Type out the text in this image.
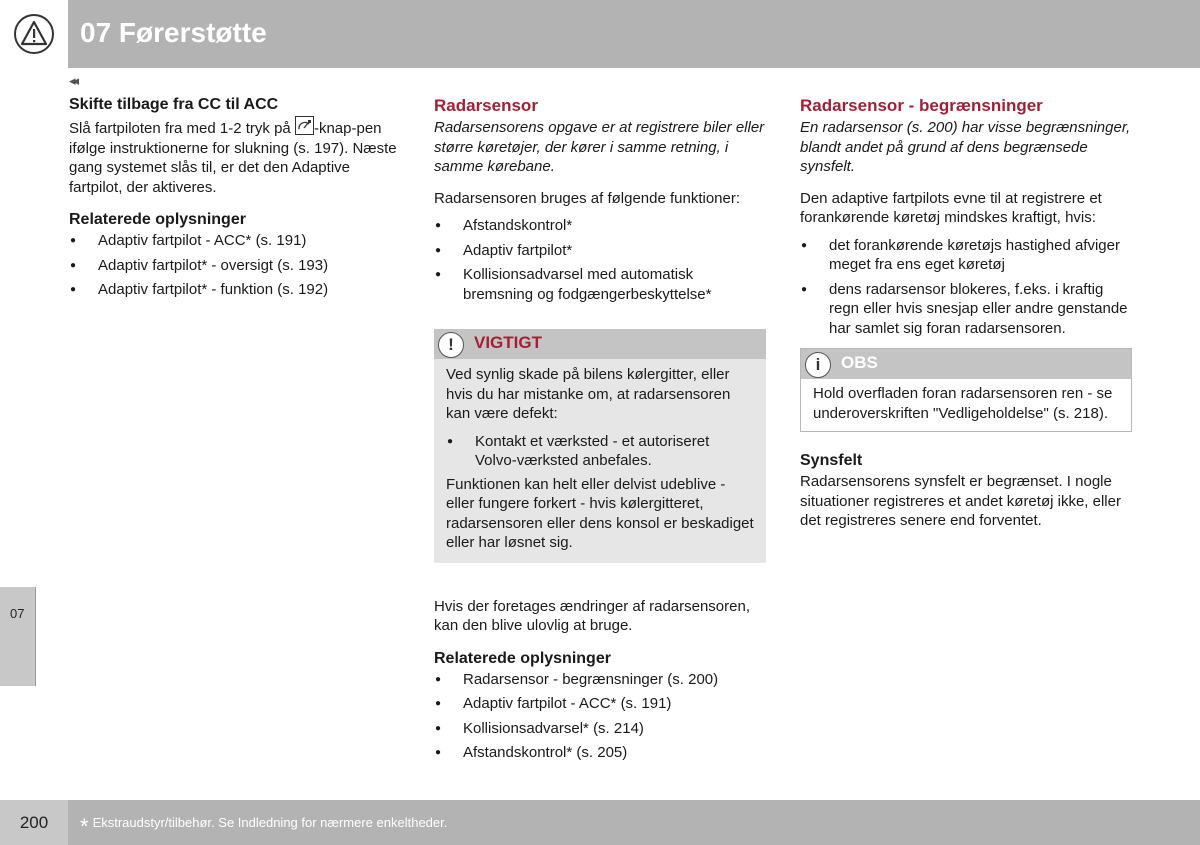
07 Førerstøtte
◂◂

Skifte tilbage fra CC til ACC

Slå fartpiloten fra med 1-2 tryk på -knap-pen ifølge instruktionerne for slukning (s. 197). Næste gang systemet slås til, er det den Adaptive fartpilot, der aktiveres.

Relaterede oplysninger

● Adaptiv fartpilot - ACC* (s. 191)
● Adaptiv fartpilot* - oversigt (s. 193)
● Adaptiv fartpilot* - funktion (s. 192)

Radarsensor

Radarsensorens opgave er at registrere biler eller større køretøjer, der kører i samme retning, i samme kørebane.

Radarsensoren bruges af følgende funktioner:

● Afstandskontrol*
● Adaptiv fartpilot*
● Kollisionsadvarsel med automatisk bremsning og fodgængerbeskyttelse*
!	VIGTIGT

Ved synlig skade på bilens kølergitter, eller hvis du har mistanke om, at radarsensoren kan være defekt:

● Kontakt et værksted - et autoriseret Volvo-værksted anbefales.

Funktionen kan helt eller delvist udeblive - eller fungere forkert - hvis kølergitteret, radarsensoren eller dens konsol er beskadiget eller har løsnet sig.

Hvis der foretages ændringer af radarsensoren, kan den blive ulovlig at bruge.

Relaterede oplysninger

● Radarsensor - begrænsninger (s. 200)
● Adaptiv fartpilot - ACC* (s. 191)
● Kollisionsadvarsel* (s. 214)
● Afstandskontrol* (s. 205)

Radarsensor - begrænsninger

En radarsensor (s. 200) har visse begrænsninger, blandt andet på grund af dens begrænsede synsfelt.

Den adaptive fartpilots evne til at registrere et forankørende køretøj mindskes kraftigt, hvis:

● det forankørende køretøjs hastighed afviger meget fra ens eget køretøj
● dens radarsensor blokeres, f.eks. i kraftig regn eller hvis snesjap eller andre genstande har samlet sig foran radarsensoren.
i	OBS

Hold overfladen foran radarsensoren ren - se underoverskriften "Vedligeholdelse" (s. 218).

Synsfelt

Radarsensorens synsfelt er begrænset. I nogle situationer registreres et andet køretøj ikke, eller det registreres senere end forventet.

07
200	* Ekstraudstyr/tilbehør. Se Indledning for nærmere enkeltheder.
